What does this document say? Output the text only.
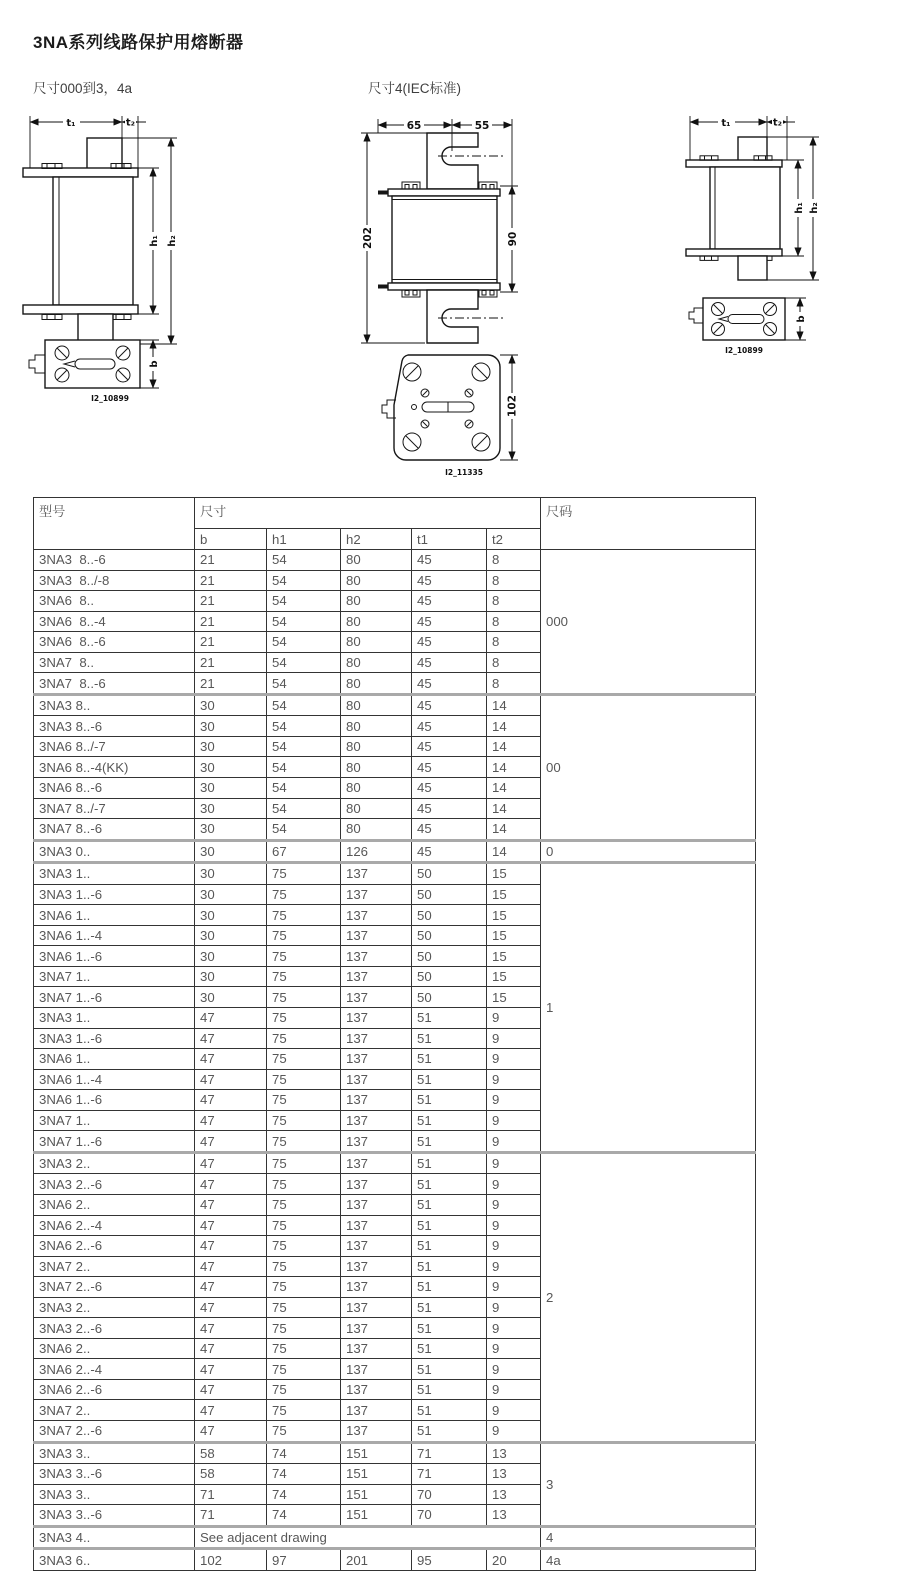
3NA系列线路保护用熔断器
尺寸000到3，4a	尺寸4(IEC标准)
t₁	t₂
h₁ h₂
b
I2_10899
65	55
202	90
102
I2_11335
t₁	t₂
h₁ h₂
b
I2_10899
型号	尺寸					尺码
	b	h1	h2	t1	t2	
3NA3  8..-6	21	54	80	45	8	000
3NA3  8../-8	21	54	80	45	8	
3NA6  8..	21	54	80	45	8	
3NA6  8..-4	21	54	80	45	8	
3NA6  8..-6	21	54	80	45	8	
3NA7  8..	21	54	80	45	8	
3NA7  8..-6	21	54	80	45	8	
3NA3 8..	30	54	80	45	14	00
3NA3 8..-6	30	54	80	45	14	
3NA6 8../-7	30	54	80	45	14	
3NA6 8..-4(KK)	30	54	80	45	14	
3NA6 8..-6	30	54	80	45	14	
3NA7 8../-7	30	54	80	45	14	
3NA7 8..-6	30	54	80	45	14	
3NA3 0..	30	67	126	45	14	0
3NA3 1..	30	75	137	50	15	1
3NA3 1..-6	30	75	137	50	15	
3NA6 1..	30	75	137	50	15	
3NA6 1..-4	30	75	137	50	15	
3NA6 1..-6	30	75	137	50	15	
3NA7 1..	30	75	137	50	15	
3NA7 1..-6	30	75	137	50	15	
3NA3 1..	47	75	137	51	9	
3NA3 1..-6	47	75	137	51	9	
3NA6 1..	47	75	137	51	9	
3NA6 1..-4	47	75	137	51	9	
3NA6 1..-6	47	75	137	51	9	
3NA7 1..	47	75	137	51	9	
3NA7 1..-6	47	75	137	51	9	
3NA3 2..	47	75	137	51	9	2
3NA3 2..-6	47	75	137	51	9	
3NA6 2..	47	75	137	51	9	
3NA6 2..-4	47	75	137	51	9	
3NA6 2..-6	47	75	137	51	9	
3NA7 2..	47	75	137	51	9	
3NA7 2..-6	47	75	137	51	9	
3NA3 2..	47	75	137	51	9	
3NA3 2..-6	47	75	137	51	9	
3NA6 2..	47	75	137	51	9	
3NA6 2..-4	47	75	137	51	9	
3NA6 2..-6	47	75	137	51	9	
3NA7 2..	47	75	137	51	9	
3NA7 2..-6	47	75	137	51	9	
3NA3 3..	58	74	151	71	13	3
3NA3 3..-6	58	74	151	71	13	
3NA3 3..	71	74	151	70	13	
3NA3 3..-6	71	74	151	70	13	
3NA3 4..	See adjacent drawing					4
3NA3 6..	102	97	201	95	20	4a
